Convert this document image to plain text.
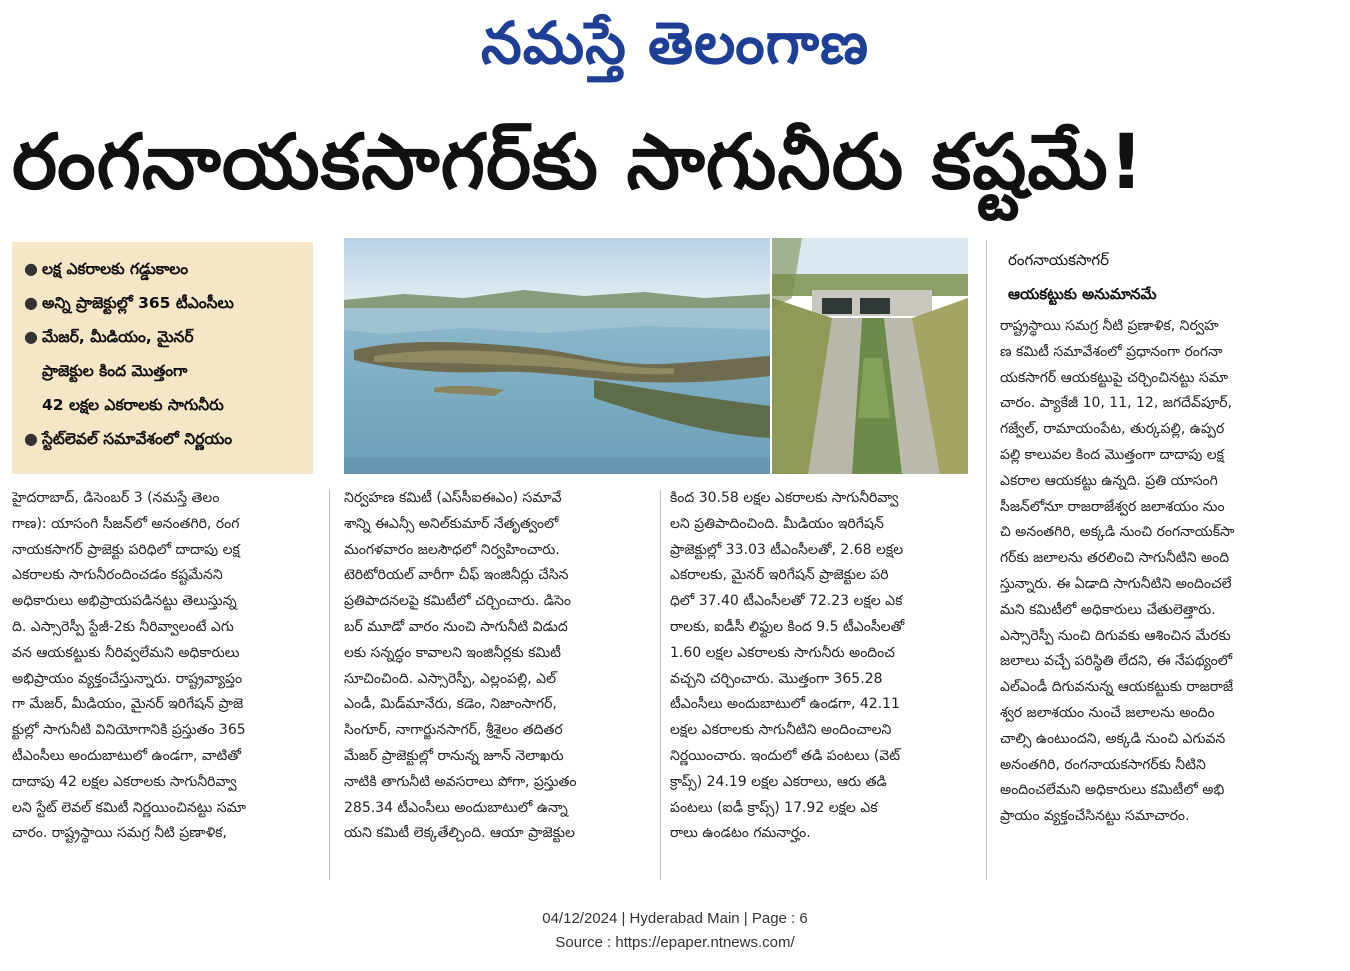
నమస్తే తెలంగాణ
రంగనాయకసాగర్‌కు సాగునీరు కష్టమే!
● లక్ష ఎకరాలకు గడ్డుకాలం
● అన్ని ప్రాజెక్టుల్లో 365 టీఎంసీలు
● మేజర్, మీడియం, మైనర్
ప్రాజెక్టుల కింద మొత్తంగా
42 లక్షల ఎకరాలకు సాగునీరు
● స్టేట్‌లెవల్ సమావేశంలో నిర్ణయం
రంగనాయకసాగర్
ఆయకట్టుకు అనుమానమే
హైదరాబాద్, డిసెంబర్ 3 (నమస్తే తెలం
గాణ): యాసంగి సీజన్‌లో అనంతగిరి, రంగ
నాయకసాగర్ ప్రాజెక్టు పరిధిలో దాదాపు లక్ష
ఎకరాలకు సాగునీరందించడం కష్టమేనని
అధికారులు అభిప్రాయపడినట్టు తెలుస్తున్న
ది. ఎస్సారెస్పీ స్టేజీ-2కు నీరివ్వాలంటే ఎగు
వన ఆయకట్టుకు నీరివ్వలేమని అధికారులు
అభిప్రాయం వ్యక్తంచేస్తున్నారు. రాష్ట్రవ్యాప్తం
గా మేజర్, మీడియం, మైనర్ ఇరిగేషన్ ప్రాజె
క్టుల్లో సాగునీటి వినియోగానికి ప్రస్తుతం 365
టీఎంసీలు అందుబాటులో ఉండగా, వాటితో
దాదాపు 42 లక్షల ఎకరాలకు సాగునీరివ్వా
లని స్టేట్ లెవల్ కమిటీ నిర్ణయించినట్టు సమా
చారం. రాష్ట్రస్థాయి సమగ్ర నీటి ప్రణాళిక,
నిర్వహణ కమిటీ (ఎస్‌సీఐఈఎం) సమావే
శాన్ని ఈఎన్సీ అనిల్‌కుమార్ నేతృత్వంలో
మంగళవారం జలసౌధలో నిర్వహించారు.
టెరిటోరియల్ వారీగా చీఫ్ ఇంజినీర్లు చేసిన
ప్రతిపాదనలపై కమిటీలో చర్చించారు. డిసెం
బర్ మూడో వారం నుంచి సాగునీటి విడుద
లకు సన్నద్ధం కావాలని ఇంజినీర్లకు కమిటీ
సూచించింది. ఎస్సారెస్పీ, ఎల్లంపల్లి, ఎల్
ఎండీ, మిడ్‌మానేరు, కడెం, నిజాంసాగర్,
సింగూర్, నాగార్జునసాగర్, శ్రీశైలం తదితర
మేజర్ ప్రాజెక్టుల్లో రానున్న జూన్ నెలాఖరు
నాటికి తాగునీటి అవసరాలు పోగా, ప్రస్తుతం
285.34 టీఎంసీలు అందుబాటులో ఉన్నా
యని కమిటీ లెక్కతేల్చింది. ఆయా ప్రాజెక్టుల
కింద 30.58 లక్షల ఎకరాలకు సాగునీరివ్వా
లని ప్రతిపాదించింది. మీడియం ఇరిగేషన్
ప్రాజెక్టుల్లో 33.03 టీఎంసీలతో, 2.68 లక్షల
ఎకరాలకు, మైనర్ ఇరిగేషన్ ప్రాజెక్టుల పరి
ధిలో 37.40 టీఎంసీలతో 72.23 లక్షల ఎక
రాలకు, ఐడీసీ లిఫ్టుల కింద 9.5 టీఎంసీలతో
1.60 లక్షల ఎకరాలకు సాగునీరు అందించ
వచ్చని చర్చించారు. మొత్తంగా 365.28
టీఎంసీలు అందుబాటులో ఉండగా, 42.11
లక్షల ఎకరాలకు సాగునీటిని అందించాలని
నిర్ణయించారు. ఇందులో తడి పంటలు (వెట్
క్రాప్స్) 24.19 లక్షల ఎకరాలు, ఆరు తడి
పంటలు (ఐడీ క్రాప్స్) 17.92 లక్షల ఎక
రాలు ఉండటం గమనార్హం.
రాష్ట్రస్థాయి సమగ్ర నీటి ప్రణాళిక, నిర్వహ
ణ కమిటీ సమావేశంలో ప్రధానంగా రంగనా
యకసాగర్ ఆయకట్టుపై చర్చించినట్టు సమా
చారం. ప్యాకేజీ 10, 11, 12, జగదేవ్‌పూర్,
గజ్వేల్, రామాయంపేట, తుర్కపల్లి, ఉప్పర
పల్లి కాలువల కింద మొత్తంగా దాదాపు లక్ష
ఎకరాల ఆయకట్టు ఉన్నది. ప్రతి యాసంగి
సీజన్‌లోనూ రాజరాజేశ్వర జలాశయం నుం
చి అనంతగిరి, అక్కడి నుంచి రంగనాయక్‌సా
గర్‌కు జలాలను తరలించి సాగునీటిని అంది
స్తున్నారు. ఈ ఏడాది సాగునీటిని అందించలే
మని కమిటీలో అధికారులు చేతులెత్తారు.
ఎస్సారెస్పీ నుంచి దిగువకు ఆశించిన మేరకు
జలాలు వచ్చే పరిస్థితి లేదని, ఈ నేపథ్యంలో
ఎల్‌ఎండీ దిగువనున్న ఆయకట్టుకు రాజరాజే
శ్వర జలాశయం నుంచే జలాలను అందిం
చాల్సి ఉంటుందని, అక్కడి నుంచి ఎగువన
అనంతగిరి, రంగనాయకసాగర్‌కు నీటిని
అందించలేమని అధికారులు కమిటీలో అభి
ప్రాయం వ్యక్తంచేసినట్టు సమాచారం.
04/12/2024 | Hyderabad Main | Page : 6
Source : https://epaper.ntnews.com/
